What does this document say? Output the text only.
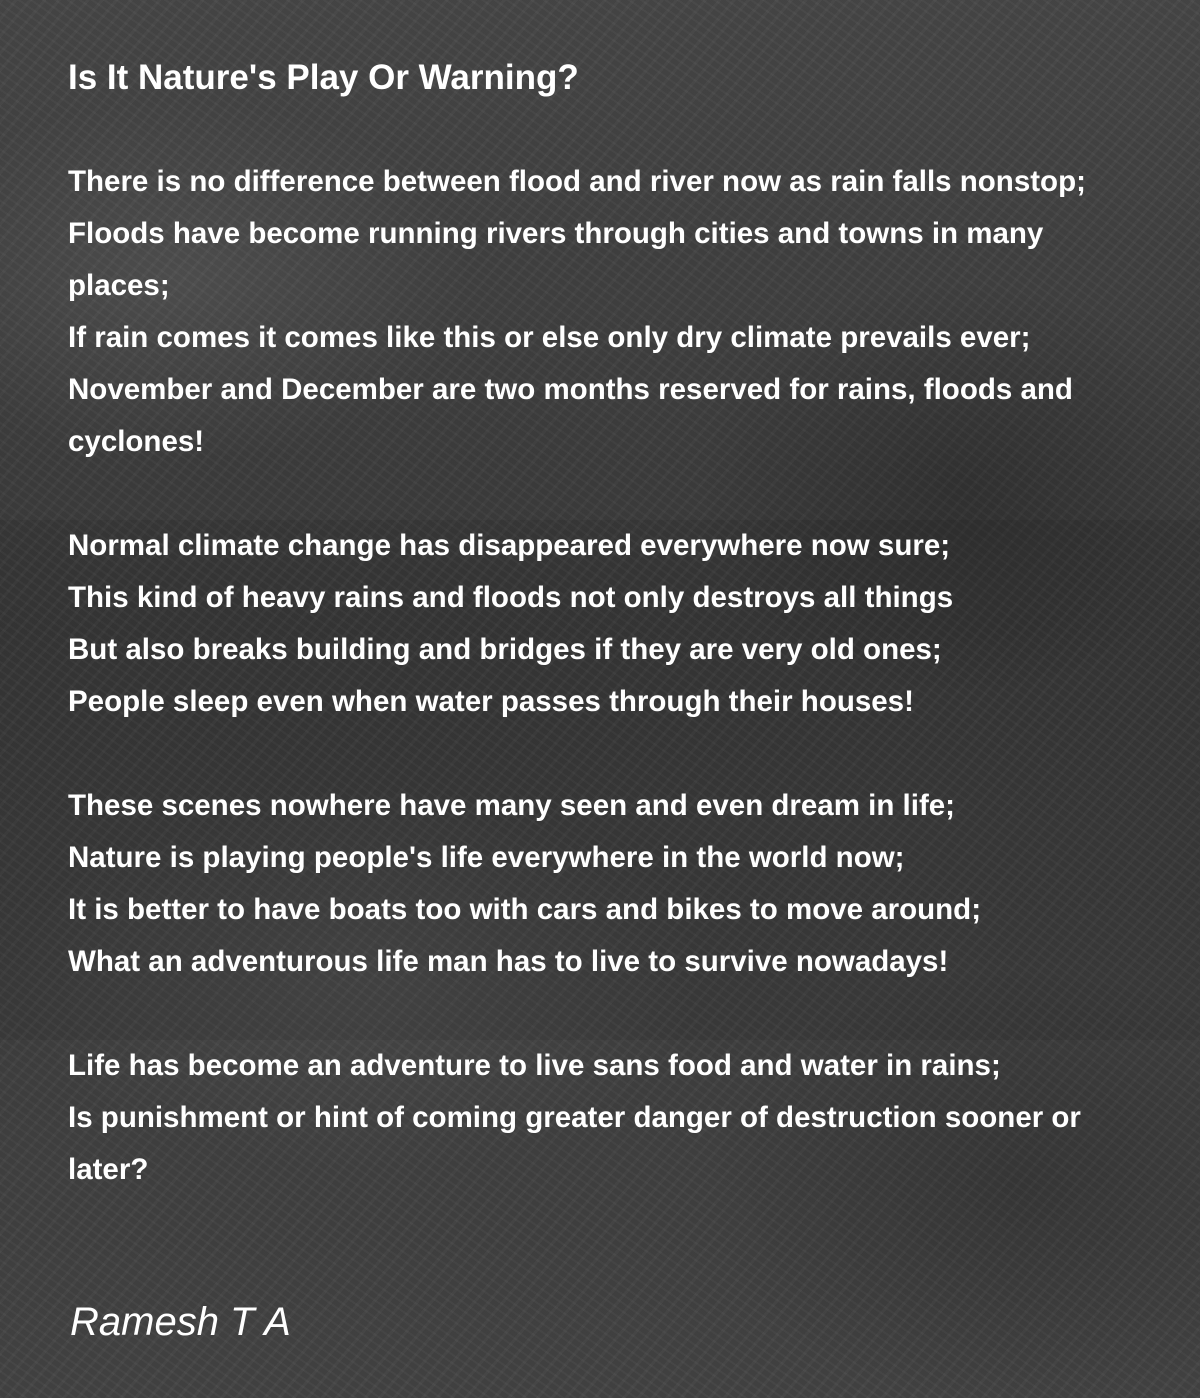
Is It Nature's Play Or Warning?
There is no difference between flood and river now as rain falls nonstop;
Floods have become running rivers through cities and towns in many places;
If rain comes it comes like this or else only dry climate prevails ever;
November and December are two months reserved for rains, floods and cyclones!
Normal climate change has disappeared everywhere now sure;
This kind of heavy rains and floods not only destroys all things
But also breaks building and bridges if they are very old ones;
People sleep even when water passes through their houses!
These scenes nowhere have many seen and even dream in life;
Nature is playing people's life everywhere in the world now;
It is better to have boats too with cars and bikes to move around;
What an adventurous life man has to live to survive nowadays!
Life has become an adventure to live sans food and water in rains;
Is punishment or hint of coming greater danger of destruction sooner or later?
Ramesh T A
